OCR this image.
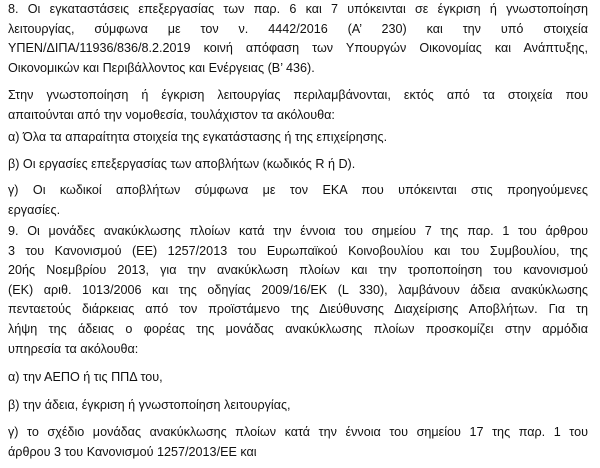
8. Οι εγκαταστάσεις επεξεργασίας των παρ. 6 και 7 υπόκεινται σε έγκριση ή γνωστοποίηση
λειτουργίας, σύμφωνα με τον ν. 4442/2016 (Α’ 230) και την υπό στοιχεία
ΥΠΕΝ/ΔΙΠΑ/11936/836/8.2.2019 κοινή απόφαση των Υπουργών Οικονομίας και Ανάπτυξης,
Οικονομικών και Περιβάλλοντος και Ενέργειας (Β’ 436).
Στην γνωστοποίηση ή έγκριση λειτουργίας περιλαμβάνονται, εκτός από τα στοιχεία που
απαιτούνται από την νομοθεσία, τουλάχιστον τα ακόλουθα:
α) Όλα τα απαραίτητα στοιχεία της εγκατάστασης ή της επιχείρησης.
β) Οι εργασίες επεξεργασίας των αποβλήτων (κωδικός R ή D).
γ) Οι κωδικοί αποβλήτων σύμφωνα με τον ΕΚΑ που υπόκεινται στις προηγούμενες
εργασίες.
9. Οι μονάδες ανακύκλωσης πλοίων κατά την έννοια του σημείου 7 της παρ. 1 του άρθρου
3 του Κανονισμού (ΕΕ) 1257/2013 του Ευρωπαϊκού Κοινοβουλίου και του Συμβουλίου, της
20ής Νοεμβρίου 2013, για την ανακύκλωση πλοίων και την τροποποίηση του κανονισμού
(ΕΚ) αριθ. 1013/2006 και της οδηγίας 2009/16/ΕΚ (L 330), λαμβάνουν άδεια ανακύκλωσης
πενταετούς διάρκειας από τον προϊστάμενο της Διεύθυνσης Διαχείρισης Αποβλήτων. Για τη
λήψη της άδειας ο φορέας της μονάδας ανακύκλωσης πλοίων προσκομίζει στην αρμόδια
υπηρεσία τα ακόλουθα:
α) την ΑΕΠΟ ή τις ΠΠΔ του,
β) την άδεια, έγκριση ή γνωστοποίηση λειτουργίας,
γ) το σχέδιο μονάδας ανακύκλωσης πλοίων κατά την έννοια του σημείου 17 της παρ. 1 του
άρθρου 3 του Κανονισμού 1257/2013/ΕΕ και
